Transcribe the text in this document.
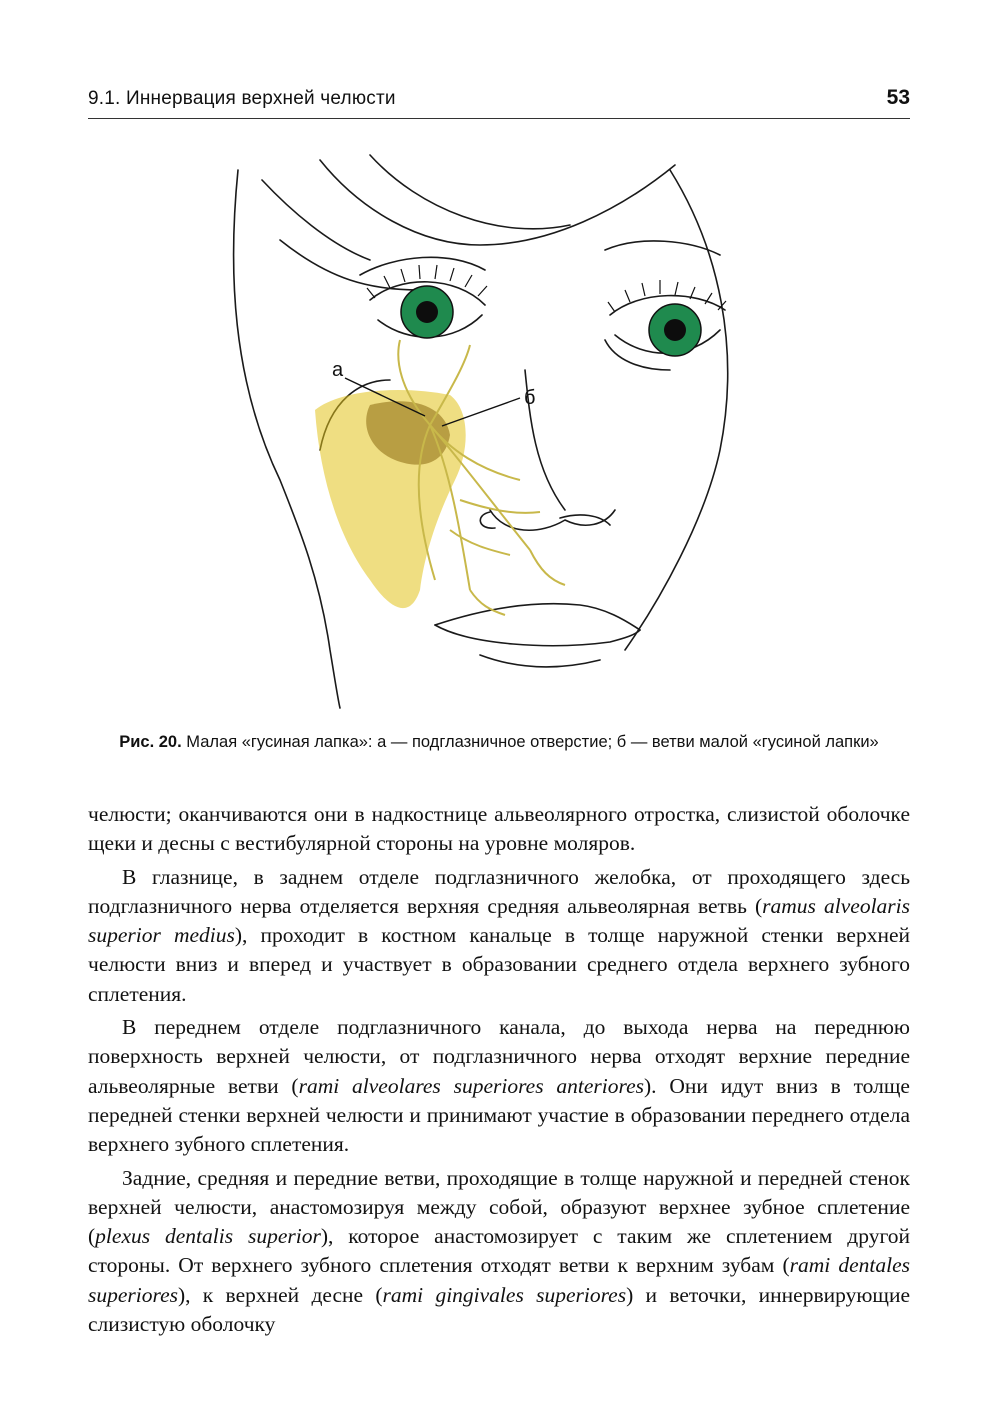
9.1. Иннервация верхней челюсти	53
а
б
Рис. 20. Малая «гусиная лапка»: а — подглазничное отверстие; б — ветви малой «гусиной лапки»

челюсти; оканчиваются они в надкостнице альвеолярного отростка, слизистой оболочке щеки и десны с вестибулярной стороны на уровне моляров.

В глазнице, в заднем отделе подглазничного желобка, от проходящего здесь подглазничного нерва отделяется верхняя средняя альвеолярная ветвь (ramus alveolaris superior medius), проходит в костном канальце в толще наружной стенки верхней челюсти вниз и вперед и участвует в образовании среднего отдела верхнего зубного сплетения.

В переднем отделе подглазничного канала, до выхода нерва на переднюю поверхность верхней челюсти, от подглазничного нерва отходят верхние передние альвеолярные ветви (rami alveolares superiores anteriores). Они идут вниз в толще передней стенки верхней челюсти и принимают участие в образовании переднего отдела верхнего зубного сплетения.

Задние, средняя и передние ветви, проходящие в толще наружной и передней стенок верхней челюсти, анастомозируя между собой, образуют верхнее зубное сплетение (plexus dentalis superior), которое анастомозирует с таким же сплетением другой стороны. От верхнего зубного сплетения отходят ветви к верхним зубам (rami dentales superiores), к верхней десне (rami gingivales superiores) и веточки, иннервирующие слизистую оболочку
